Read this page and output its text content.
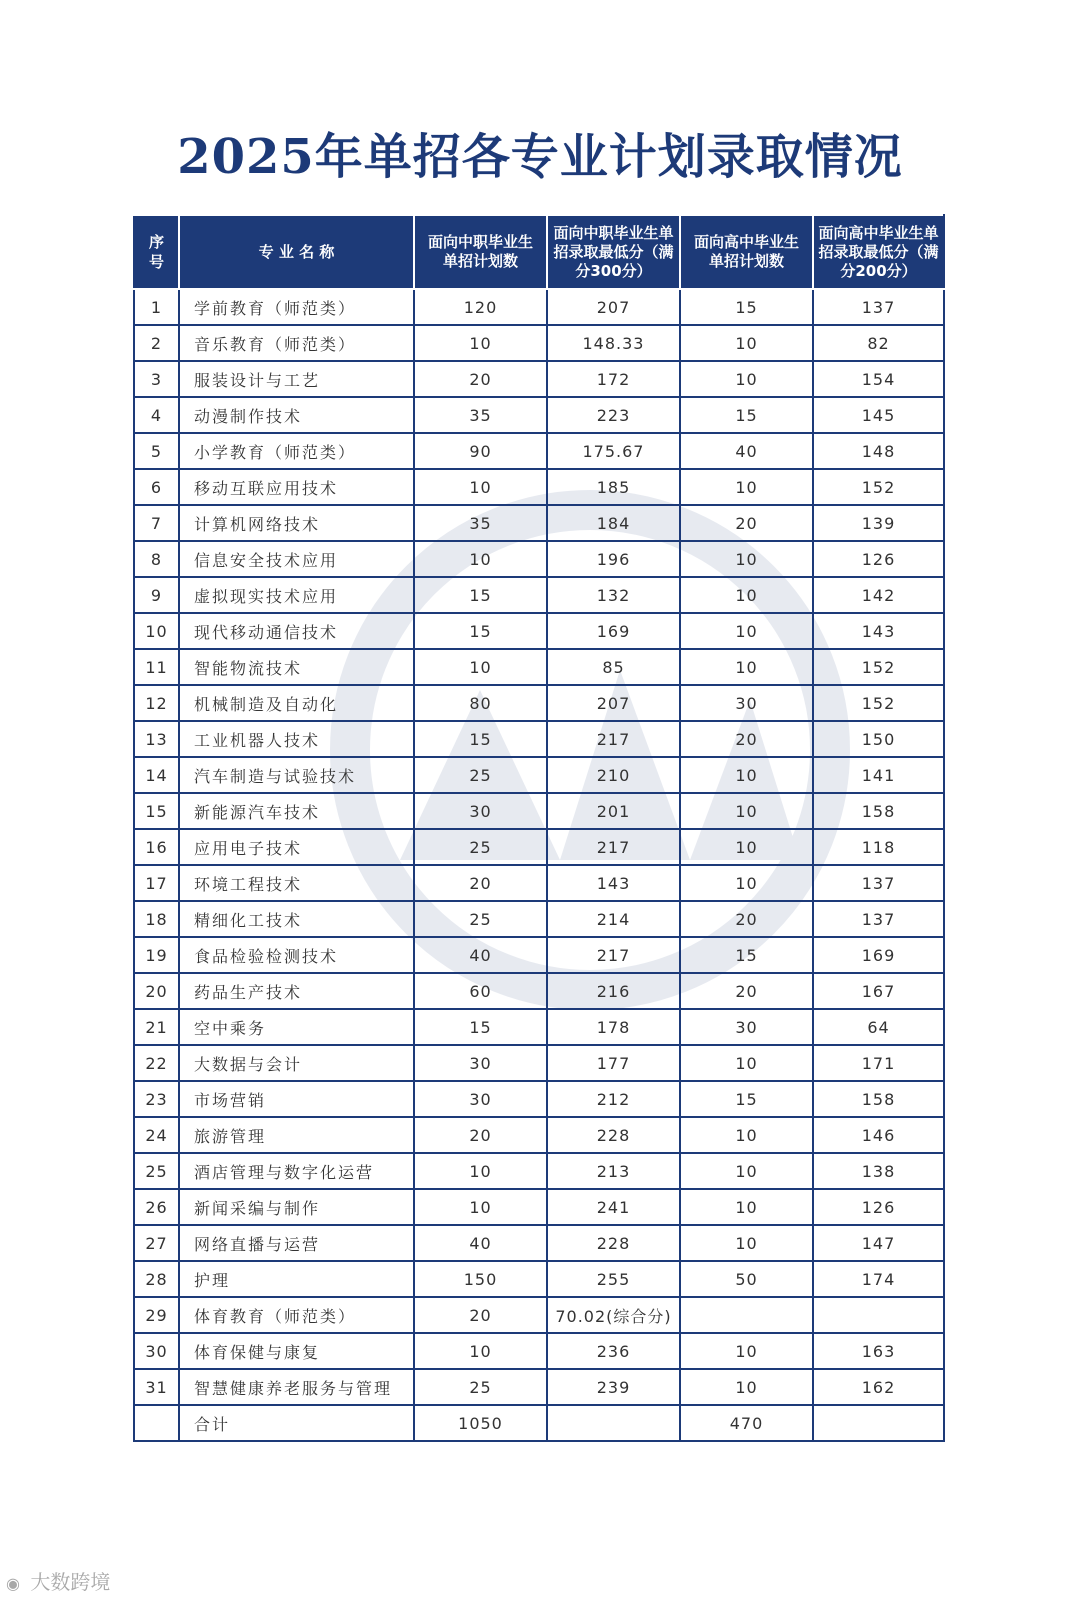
2025年单招各专业计划录取情况
序号	专 业 名 称	面向中职毕业生单招计划数	面向中职毕业生单招录取最低分（满分300分）	面向高中毕业生单招计划数	面向高中毕业生单招录取最低分（满分200分）
1	学前教育（师范类）	120	207	15	137
2	音乐教育（师范类）	10	148.33	10	82
3	服装设计与工艺	20	172	10	154
4	动漫制作技术	35	223	15	145
5	小学教育（师范类）	90	175.67	40	148
6	移动互联应用技术	10	185	10	152
7	计算机网络技术	35	184	20	139
8	信息安全技术应用	10	196	10	126
9	虚拟现实技术应用	15	132	10	142
10	现代移动通信技术	15	169	10	143
11	智能物流技术	10	85	10	152
12	机械制造及自动化	80	207	30	152
13	工业机器人技术	15	217	20	150
14	汽车制造与试验技术	25	210	10	141
15	新能源汽车技术	30	201	10	158
16	应用电子技术	25	217	10	118
17	环境工程技术	20	143	10	137
18	精细化工技术	25	214	20	137
19	食品检验检测技术	40	217	15	169
20	药品生产技术	60	216	20	167
21	空中乘务	15	178	30	64
22	大数据与会计	30	177	10	171
23	市场营销	30	212	15	158
24	旅游管理	20	228	10	146
25	酒店管理与数字化运营	10	213	10	138
26	新闻采编与制作	10	241	10	126
27	网络直播与运营	40	228	10	147
28	护理	150	255	50	174
29	体育教育（师范类）	20	70.02(综合分)		
30	体育保健与康复	10	236	10	163
31	智慧健康养老服务与管理	25	239	10	162
	合计	1050		470	
◉ 大数跨境
